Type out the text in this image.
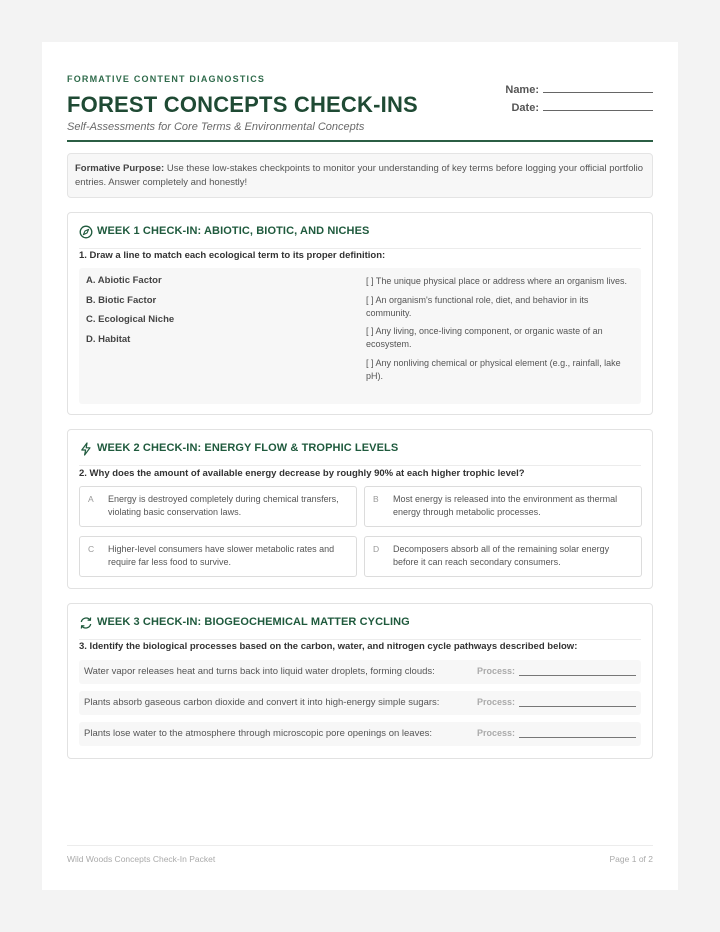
FORMATIVE CONTENT DIAGNOSTICS
FOREST CONCEPTS CHECK-INS
Self-Assessments for Core Terms & Environmental Concepts
Name:
Date:
Formative Purpose: Use these low-stakes checkpoints to monitor your understanding of key terms before logging your official portfolio entries. Answer completely and honestly!
WEEK 1 CHECK-IN: ABIOTIC, BIOTIC, AND NICHES
1. Draw a line to match each ecological term to its proper definition:
A. Abiotic Factor
B. Biotic Factor
C. Ecological Niche
D. Habitat
[ ] The unique physical place or address where an organism lives.
[ ] An organism's functional role, diet, and behavior in its community.
[ ] Any living, once-living component, or organic waste of an ecosystem.
[ ] Any nonliving chemical or physical element (e.g., rainfall, lake pH).
WEEK 2 CHECK-IN: ENERGY FLOW & TROPHIC LEVELS
2. Why does the amount of available energy decrease by roughly 90% at each higher trophic level?
A Energy is destroyed completely during chemical transfers, violating basic conservation laws.
B Most energy is released into the environment as thermal energy through metabolic processes.
C Higher-level consumers have slower metabolic rates and require far less food to survive.
D Decomposers absorb all of the remaining solar energy before it can reach secondary consumers.
WEEK 3 CHECK-IN: BIOGEOCHEMICAL MATTER CYCLING
3. Identify the biological processes based on the carbon, water, and nitrogen cycle pathways described below:
Water vapor releases heat and turns back into liquid water droplets, forming clouds:	Process:
Plants absorb gaseous carbon dioxide and convert it into high-energy simple sugars:	Process:
Plants lose water to the atmosphere through microscopic pore openings on leaves:	Process:
Wild Woods Concepts Check-In Packet	Page 1 of 2
